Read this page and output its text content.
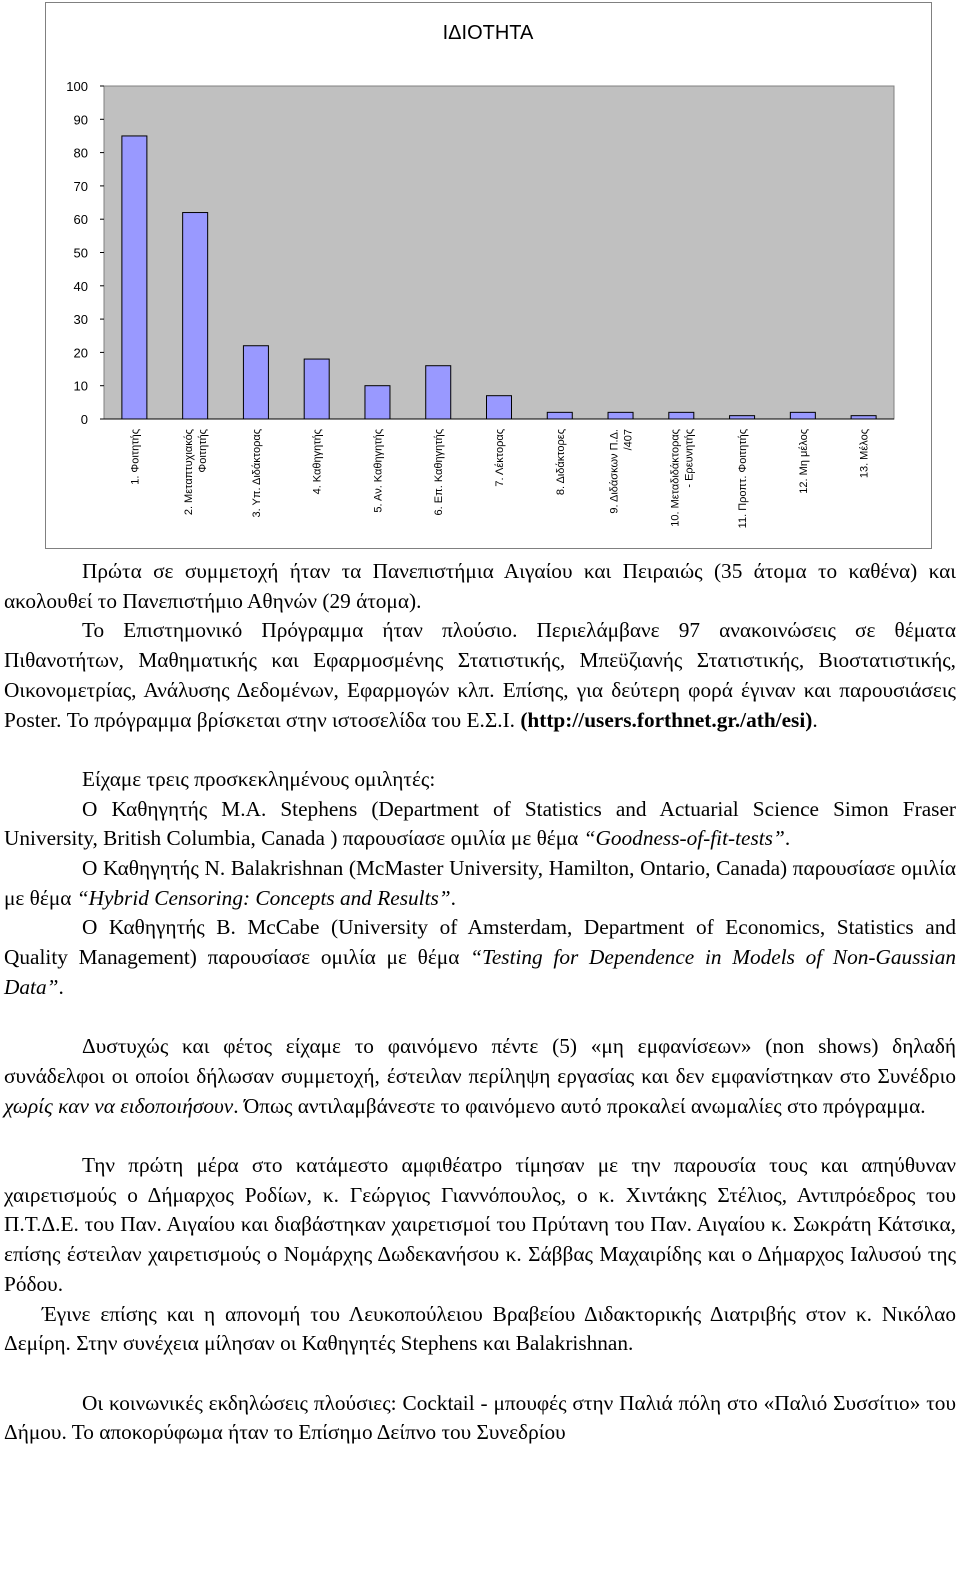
ΙΔΙΟΤΗΤΑ
0
10
20
30
40
50
60
70
80
90
100
1. Φοιτητής	2. Μεταπτυχιακός Φοιτητής	3. Υπ. Διδάκτορας	4. Καθηγητής	5. Αν. Καθηγητής	6. Επ. Καθηγητής	7. Λέκτορας	8. Διδάκτορες	9. Διδάσκων Π.Δ. /407	10. Μεταδιδάκτορας - Ερευνητής	11. Προπτ. Φοιτητής	12. Μη μέλος	13. Μέλος

Πρώτα σε συμμετοχή ήταν τα Πανεπιστήμια Αιγαίου και Πειραιώς (35 άτομα το καθένα) και ακολουθεί το Πανεπιστήμιο Αθηνών (29 άτομα).

Το Επιστημονικό Πρόγραμμα ήταν πλούσιο. Περιελάμβανε 97 ανακοινώσεις σε θέματα Πιθανοτήτων, Μαθηματικής και Εφαρμοσμένης Στατιστικής, Μπεϋζιανής Στατιστικής, Βιοστατιστικής, Οικονομετρίας, Ανάλυσης Δεδομένων, Εφαρμογών κλπ. Επίσης, για δεύτερη φορά έγιναν και παρουσιάσεις Poster. Το πρόγραμμα βρίσκεται στην ιστοσελίδα του Ε.Σ.Ι. (http://users.forthnet.gr./ath/esi).

Είχαμε τρεις προσκεκλημένους ομιλητές:

Ο Καθηγητής M.A. Stephens (Department of Statistics and Actuarial Science Simon Fraser University, British Columbia, Canada ) παρουσίασε ομιλία με θέμα “Goodness-of-fit-tests”.

Ο Καθηγητής N. Balakrishnan (McMaster University, Hamilton, Ontario, Canada) παρουσίασε ομιλία με θέμα “Hybrid Censoring: Concepts and Results”.

Ο Καθηγητής B. McCabe (University of Amsterdam, Department of Economics, Statistics and Quality Management) παρουσίασε ομιλία με θέμα “Testing for Dependence in Models of Non-Gaussian Data”.

Δυστυχώς και φέτος είχαμε το φαινόμενο πέντε (5) «μη εμφανίσεων» (non shows) δηλαδή συνάδελφοι οι οποίοι δήλωσαν συμμετοχή, έστειλαν περίληψη εργασίας και δεν εμφανίστηκαν στο Συνέδριο χωρίς καν να ειδοποιήσουν. Όπως αντιλαμβάνεστε το φαινόμενο αυτό προκαλεί ανωμαλίες στο πρόγραμμα.

Την πρώτη μέρα στο κατάμεστο αμφιθέατρο τίμησαν με την παρουσία τους και απηύθυναν χαιρετισμούς ο Δήμαρχος Ροδίων, κ. Γεώργιος Γιαννόπουλος, ο κ. Χιντάκης Στέλιος, Αντιπρόεδρος του Π.Τ.Δ.Ε. του Παν. Αιγαίου και διαβάστηκαν χαιρετισμοί του Πρύτανη του Παν. Αιγαίου κ. Σωκράτη Κάτσικα, επίσης έστειλαν χαιρετισμούς ο Νομάρχης Δωδεκανήσου κ. Σάββας Μαχαιρίδης και ο Δήμαρχος Ιαλυσού της Ρόδου.

Έγινε επίσης και η απονομή του Λευκοπούλειου Βραβείου Διδακτορικής Διατριβής στον κ. Νικόλαο Δεμίρη. Στην συνέχεια μίλησαν οι Καθηγητές Stephens και Balakrishnan.

Οι κοινωνικές εκδηλώσεις πλούσιες: Cocktail - μπουφές στην Παλιά πόλη στο «Παλιό Συσσίτιο» του Δήμου. Το αποκορύφωμα ήταν το Επίσημο Δείπνο του Συνεδρίου
